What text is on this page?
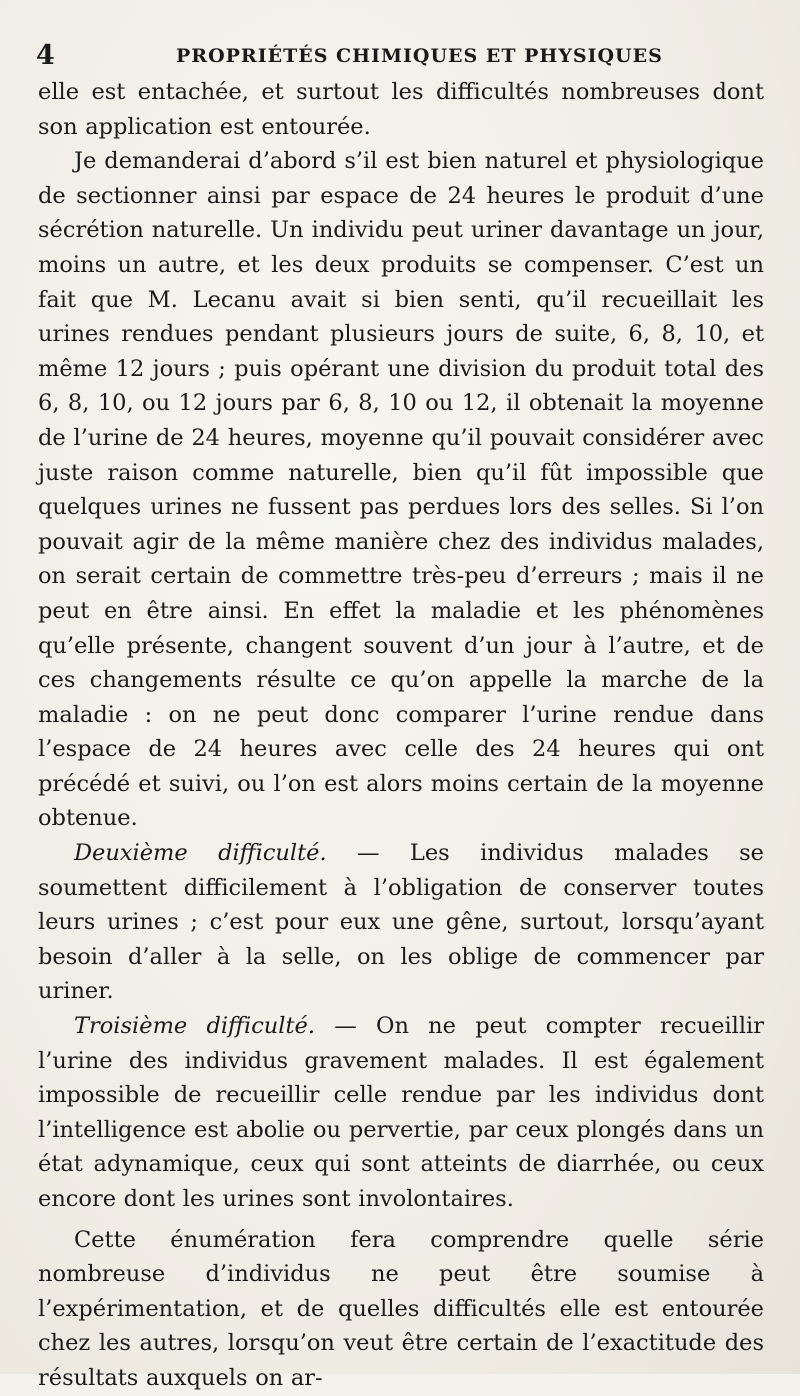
4	PROPRIÉTÉS CHIMIQUES ET PHYSIQUES

elle est entachée, et surtout les difficultés nombreuses dont son application est entourée.

Je demanderai d’abord s’il est bien naturel et physiologique de sectionner ainsi par espace de 24 heures le produit d’une sécrétion naturelle. Un individu peut uriner davantage un jour, moins un autre, et les deux produits se compenser. C’est un fait que M. Lecanu avait si bien senti, qu’il recueillait les urines rendues pendant plusieurs jours de suite, 6, 8, 10, et même 12 jours ; puis opérant une division du produit total des 6, 8, 10, ou 12 jours par 6, 8, 10 ou 12, il obtenait la moyenne de l’urine de 24 heures, moyenne qu’il pouvait considérer avec juste raison comme naturelle, bien qu’il fût impossible que quelques urines ne fussent pas perdues lors des selles. Si l’on pouvait agir de la même manière chez des individus malades, on serait certain de commettre très-peu d’erreurs ; mais il ne peut en être ainsi. En effet la maladie et les phénomènes qu’elle présente, changent souvent d’un jour à l’autre, et de ces changements résulte ce qu’on appelle la marche de la maladie : on ne peut donc comparer l’urine rendue dans l’espace de 24 heures avec celle des 24 heures qui ont précédé et suivi, ou l’on est alors moins certain de la moyenne obtenue.

Deuxième difficulté. — Les individus malades se soumettent difficilement à l’obligation de conserver toutes leurs urines ; c’est pour eux une gêne, surtout, lorsqu’ayant besoin d’aller à la selle, on les oblige de commencer par uriner.

Troisième difficulté. — On ne peut compter recueillir l’urine des individus gravement malades. Il est également impossible de recueillir celle rendue par les individus dont l’intelligence est abolie ou pervertie, par ceux plongés dans un état adynamique, ceux qui sont atteints de diarrhée, ou ceux encore dont les urines sont involontaires.

Cette énumération fera comprendre quelle série nombreuse d’individus ne peut être soumise à l’expérimentation, et de quelles difficultés elle est entourée chez les autres, lorsqu’on veut être certain de l’exactitude des résultats auxquels on ar-
